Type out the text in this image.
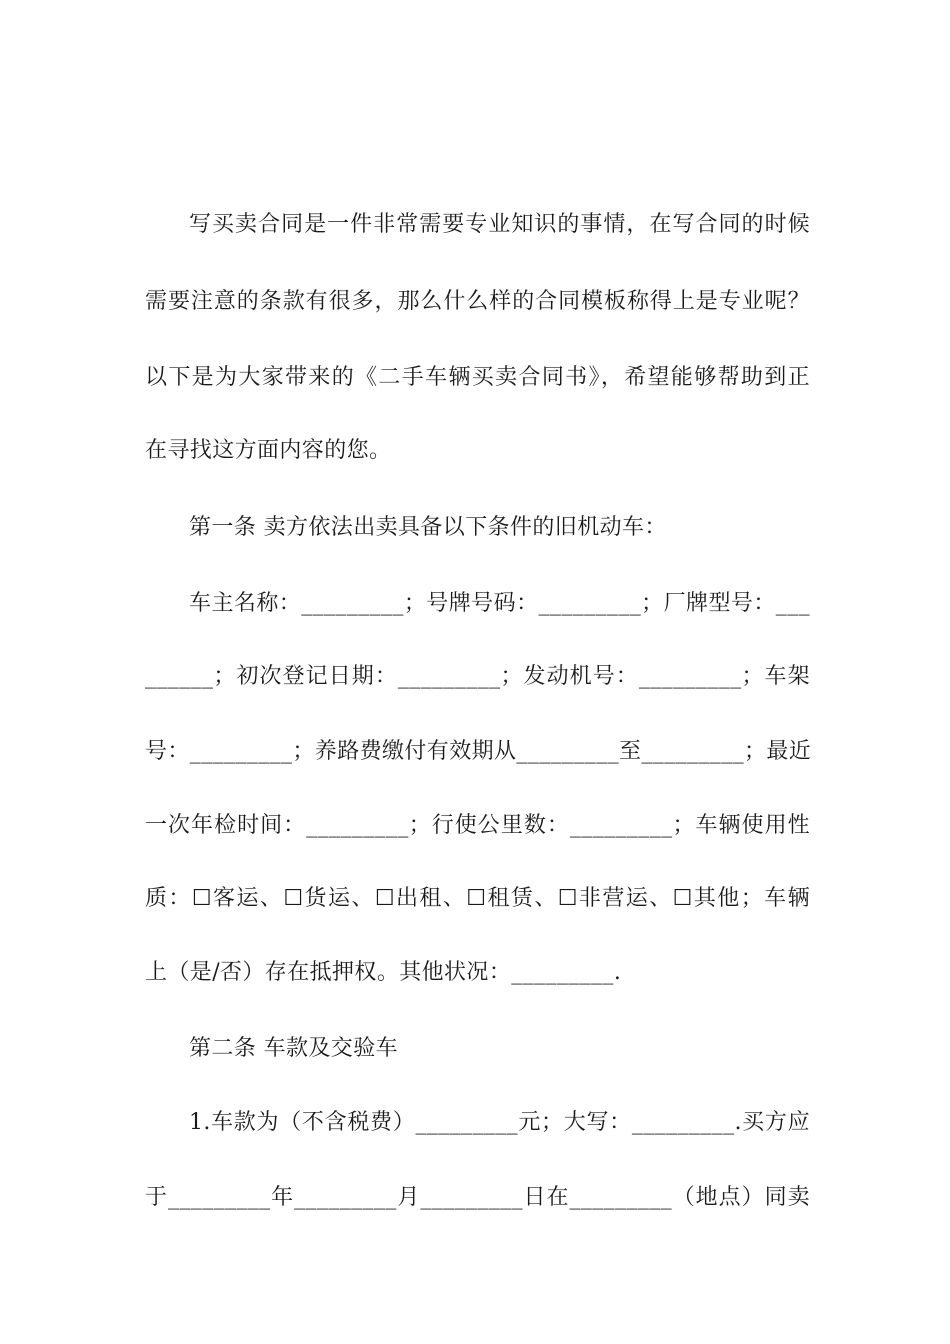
写买卖合同是一件非常需要专业知识的事情，在写合同的时候
需要注意的条款有很多，那么什么样的合同模板称得上是专业呢？
以下是为大家带来的《二手车辆买卖合同书》，希望能够帮助到正
在寻找这方面内容的您。
第一条 卖方依法出卖具备以下条件的旧机动车：
车主名称：_________；号牌号码：_________；厂牌型号：___
______；初次登记日期：_________；发动机号：_________；车架
号：_________；养路费缴付有效期从_________至_________；最近
一次年检时间：_________；行使公里数：_________；车辆使用性
质：☐客运、☐货运、☐出租、☐租赁、☐非营运、☐其他；车辆
上（是/否）存在抵押权。其他状况：_________.
第二条 车款及交验车
1.车款为（不含税费）_________元；大写：_________.买方应
于_________年_________月_________日在_________（地点）同卖
